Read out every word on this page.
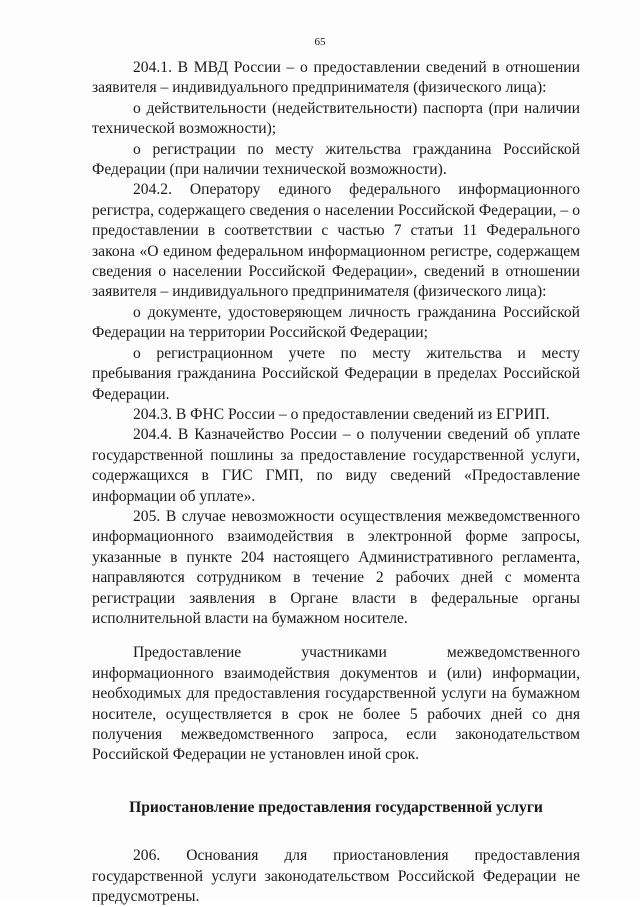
65

204.1. В МВД России – о предоставлении сведений в отношении заявителя – индивидуального предпринимателя (физического лица):

о действительности (недействительности) паспорта (при наличии технической возможности);

о регистрации по месту жительства гражданина Российской Федерации (при наличии технической возможности).

204.2. Оператору единого федерального информационного регистра, содержащего сведения о населении Российской Федерации, – о предоставлении в соответствии с частью 7 статьи 11 Федерального закона «О едином федеральном информационном регистре, содержащем сведения о населении Российской Федерации», сведений в отношении заявителя – индивидуального предпринимателя (физического лица):

о документе, удостоверяющем личность гражданина Российской Федерации на территории Российской Федерации;

о регистрационном учете по месту жительства и месту пребывания гражданина Российской Федерации в пределах Российской Федерации.

204.3. В ФНС России – о предоставлении сведений из ЕГРИП.

204.4. В Казначейство России – о получении сведений об уплате государственной пошлины за предоставление государственной услуги, содержащихся в ГИС ГМП, по виду сведений «Предоставление информации об уплате».

205. В случае невозможности осуществления межведомственного информационного взаимодействия в электронной форме запросы, указанные в пункте 204 настоящего Административного регламента, направляются сотрудником в течение 2 рабочих дней с момента регистрации заявления в Органе власти в федеральные органы исполнительной власти на бумажном носителе.

Предоставление участниками межведомственного информационного взаимодействия документов и (или) информации, необходимых для предоставления государственной услуги на бумажном носителе, осуществляется в срок не более 5 рабочих дней со дня получения межведомственного запроса, если законодательством Российской Федерации не установлен иной срок.

Приостановление предоставления государственной услуги

206. Основания для приостановления предоставления государственной услуги законодательством Российской Федерации не предусмотрены.
